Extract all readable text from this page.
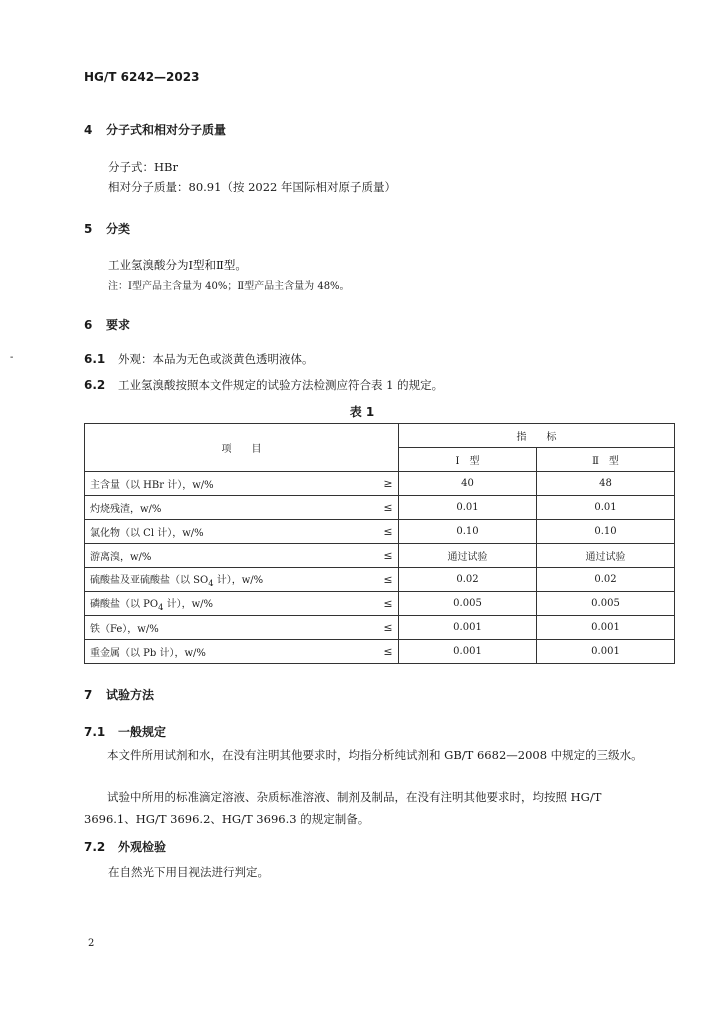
HG/T 6242—2023
-
4 分子式和相对分子质量
分子式：HBr
相对分子质量：80.91（按 2022 年国际相对原子质量）
5 分类
工业氢溴酸分为Ⅰ型和Ⅱ型。
注：Ⅰ型产品主含量为 40%；Ⅱ型产品主含量为 48%。
6 要求
6.1 外观：本品为无色或淡黄色透明液体。
6.2 工业氢溴酸按照本文件规定的试验方法检测应符合表 1 的规定。
表 1
项　　目		指　　标	
		Ⅰ　型	Ⅱ　型
主含量（以 HBr 计），w/%	≥	40	48
灼烧残渣，w/%	≤	0.01	0.01
氯化物（以 Cl 计），w/%	≤	0.10	0.10
游离溴，w/%	≤	通过试验	通过试验
硫酸盐及亚硫酸盐（以 $SO_4$ 计），w/%	≤	0.02	0.02
磷酸盐（以 $PO_4$ 计），w/%	≤	0.005	0.005
铁（Fe），w/%	≤	0.001	0.001
重金属（以 Pb 计），w/%	≤	0.001	0.001
7 试验方法
7.1 一般规定
本文件所用试剂和水，在没有注明其他要求时，均指分析纯试剂和 GB/T 6682—2008 中规定的三级水。
试验中所用的标准滴定溶液、杂质标准溶液、制剂及制品，在没有注明其他要求时，均按照 HG/T 3696.1、HG/T 3696.2、HG/T 3696.3 的规定制备。
7.2 外观检验
在自然光下用目视法进行判定。
2
